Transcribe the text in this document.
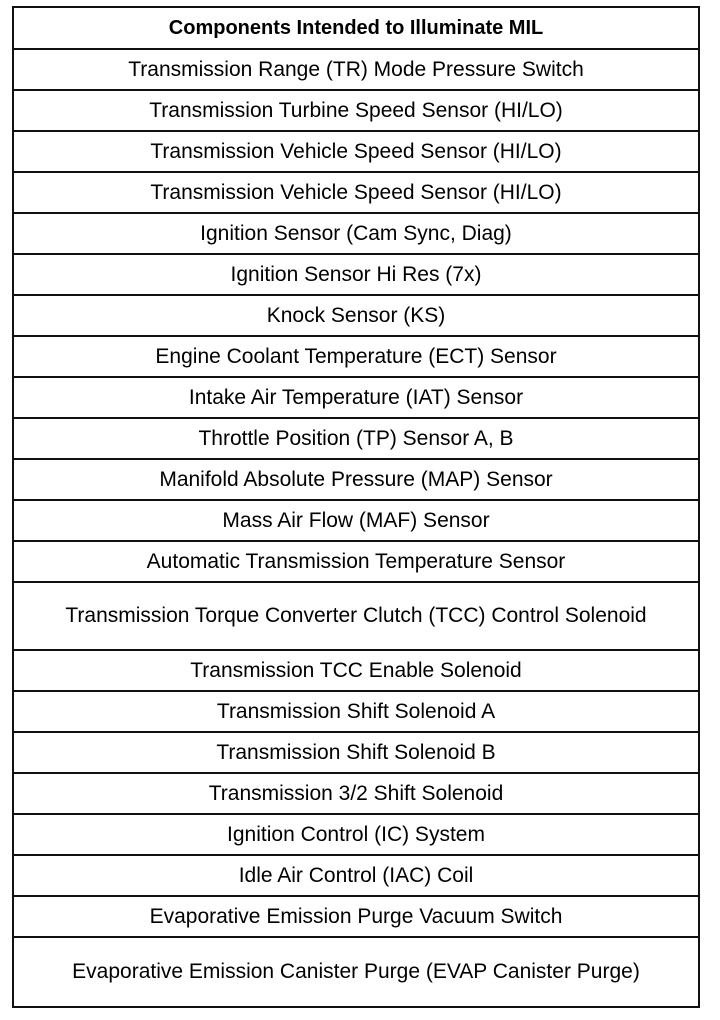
Components Intended to Illuminate MIL
Transmission Range (TR) Mode Pressure Switch
Transmission Turbine Speed Sensor (HI/LO)
Transmission Vehicle Speed Sensor (HI/LO)
Transmission Vehicle Speed Sensor (HI/LO)
Ignition Sensor (Cam Sync, Diag)
Ignition Sensor Hi Res (7x)
Knock Sensor (KS)
Engine Coolant Temperature (ECT) Sensor
Intake Air Temperature (IAT) Sensor
Throttle Position (TP) Sensor A, B
Manifold Absolute Pressure (MAP) Sensor
Mass Air Flow (MAF) Sensor
Automatic Transmission Temperature Sensor
Transmission Torque Converter Clutch (TCC) Control Solenoid
Transmission TCC Enable Solenoid
Transmission Shift Solenoid A
Transmission Shift Solenoid B
Transmission 3/2 Shift Solenoid
Ignition Control (IC) System
Idle Air Control (IAC) Coil
Evaporative Emission Purge Vacuum Switch
Evaporative Emission Canister Purge (EVAP Canister Purge)
